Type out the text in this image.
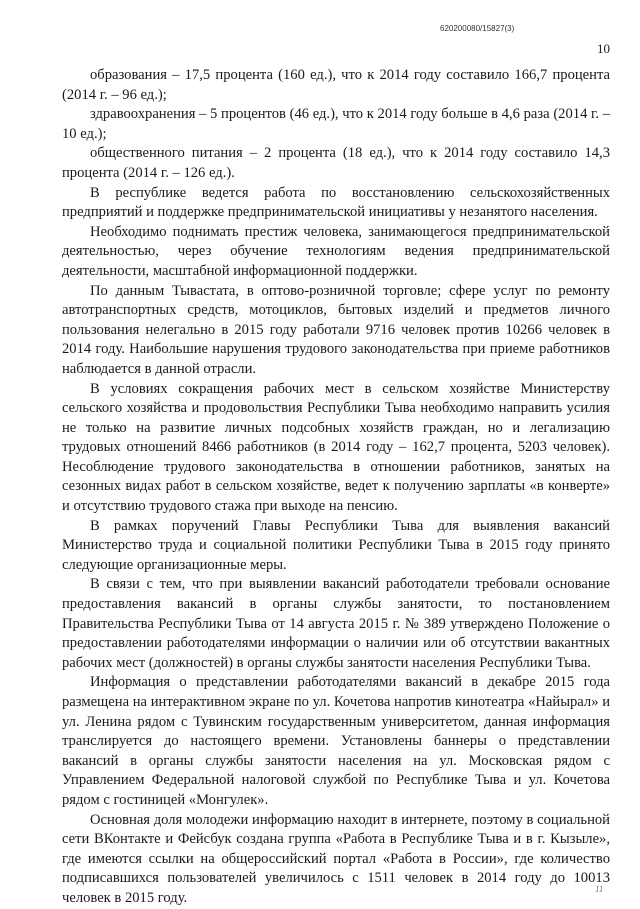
620200080/15827(3)
10

образования – 17,5 процента (160 ед.), что к 2014 году составило 166,7 процента (2014 г. – 96 ед.);

здравоохранения – 5 процентов (46 ед.), что к 2014 году больше в 4,6 раза (2014 г. – 10 ед.);

общественного питания – 2 процента (18 ед.), что к 2014 году составило 14,3 процента (2014 г. – 126 ед.).

В республике ведется работа по восстановлению сельскохозяйственных предприятий и поддержке предпринимательской инициативы у незанятого населения.

Необходимо поднимать престиж человека, занимающегося предпринимательской деятельностью, через обучение технологиям ведения предпринимательской деятельности, масштабной информационной поддержки.

По данным Тывастата, в оптово-розничной торговле; сфере услуг по ремонту автотранспортных средств, мотоциклов, бытовых изделий и предметов личного пользования нелегально в 2015 году работали 9716 человек против 10266 человек в 2014 году. Наибольшие нарушения трудового законодательства при приеме работников наблюдается в данной отрасли.

В условиях сокращения рабочих мест в сельском хозяйстве Министерству сельского хозяйства и продовольствия Республики Тыва необходимо направить усилия не только на развитие личных подсобных хозяйств граждан, но и легализацию трудовых отношений 8466 работников (в 2014 году – 162,7 процента, 5203 человек). Несоблюдение трудового законодательства в отношении работников, занятых на сезонных видах работ в сельском хозяйстве, ведет к получению зарплаты «в конверте» и отсутствию трудового стажа при выходе на пенсию.

В рамках поручений Главы Республики Тыва для выявления вакансий Министерство труда и социальной политики Республики Тыва в 2015 году принято следующие организационные меры.

В связи с тем, что при выявлении вакансий работодатели требовали основание предоставления вакансий в органы службы занятости, то постановлением Правительства Республики Тыва от 14 августа 2015 г. № 389 утверждено Положение о предоставлении работодателями информации о наличии или об отсутствии вакантных рабочих мест (должностей) в органы службы занятости населения Республики Тыва.

Информация о представлении работодателями вакансий в декабре 2015 года размещена на интерактивном экране по ул. Кочетова напротив кинотеатра «Найырал» и ул. Ленина рядом с Тувинским государственным университетом, данная информация транслируется до настоящего времени. Установлены баннеры о представлении вакансий в органы службы занятости населения на ул. Московская рядом с Управлением Федеральной налоговой службой по Республике Тыва и ул. Кочетова рядом с гостиницей «Монгулек».

Основная доля молодежи информацию находит в интернете, поэтому в социальной сети ВКонтакте и Фейсбук создана группа «Работа в Республике Тыва и в г. Кызыле», где имеются ссылки на общероссийский портал «Работа в России», где количество подписавшихся пользователей увеличилось с 1511 человек в 2014 году до 10013 человек в 2015 году.

11
